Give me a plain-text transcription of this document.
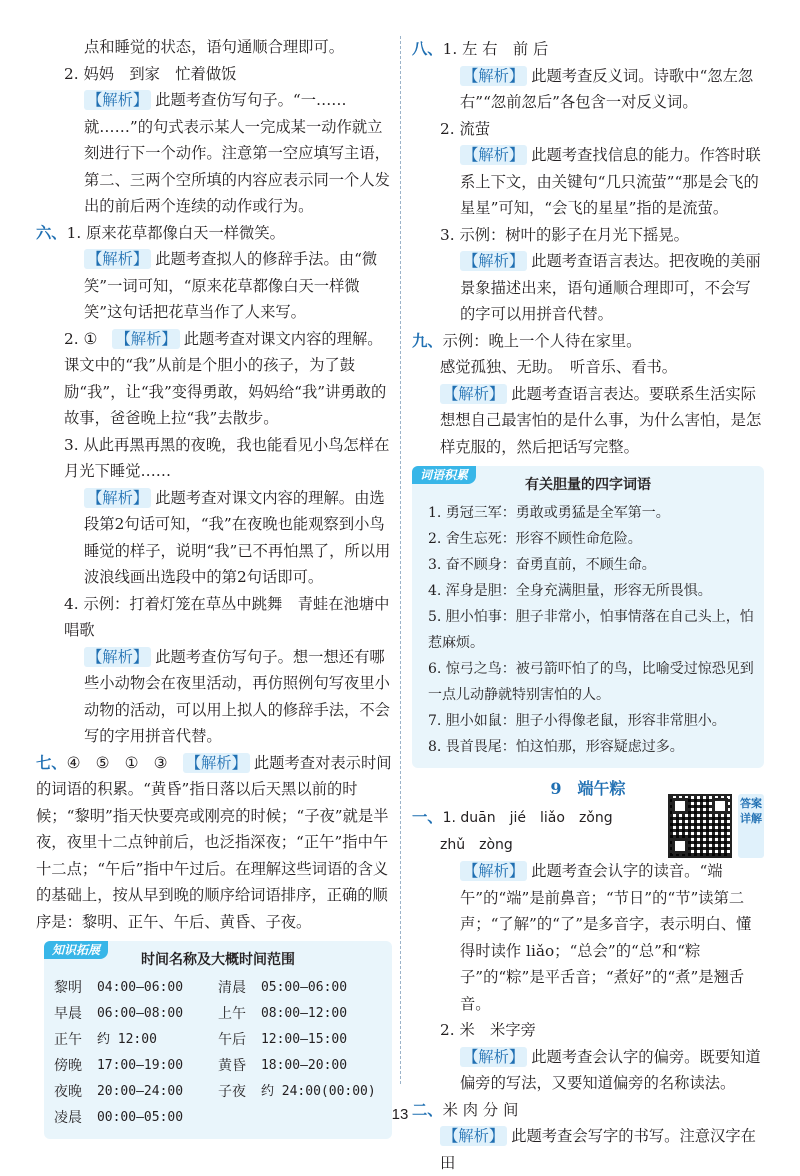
点和睡觉的状态，语句通顺合理即可。

2. 妈妈　到家　忙着做饭

【解析】 此题考查仿写句子。“一……就……”的句式表示某人一完成某一动作就立刻进行下一个动作。注意第一空应填写主语，第二、三两个空所填的内容应表示同一个人发出的前后两个连续的动作或行为。

六、1. 原来花草都像白天一样微笑。

【解析】 此题考查拟人的修辞手法。由“微笑”一词可知，“原来花草都像白天一样微笑”这句话把花草当作了人来写。

2. ①　 【解析】 此题考查对课文内容的理解。课文中的“我”从前是个胆小的孩子，为了鼓励“我”，让“我”变得勇敢，妈妈给“我”讲勇敢的故事，爸爸晚上拉“我”去散步。

3. 从此再黑再黑的夜晚，我也能看见小鸟怎样在月光下睡觉……

【解析】 此题考查对课文内容的理解。由选段第2句话可知，“我”在夜晚也能观察到小鸟睡觉的样子，说明“我”已不再怕黑了，所以用波浪线画出选段中的第2句话即可。

4. 示例：打着灯笼在草丛中跳舞　青蛙在池塘中唱歌

【解析】 此题考查仿写句子。想一想还有哪些小动物会在夜里活动，再仿照例句写夜里小动物的活动，可以用上拟人的修辞手法，不会写的字用拼音代替。

七、④　⑤　①　③　 【解析】 此题考查对表示时间的词语的积累。“黄昏”指日落以后天黑以前的时候；“黎明”指天快要亮或刚亮的时候；“子夜”就是半夜，夜里十二点钟前后，也泛指深夜；“正午”指中午十二点；“午后”指中午过后。在理解这些词语的含义的基础上，按从早到晚的顺序给词语排序，正确的顺序是：黎明、正午、午后、黄昏、子夜。

知识拓展
时间名称及大概时间范围
黎明	04:00—06:00	清晨	05:00—06:00
早晨	06:00—08:00	上午	08:00—12:00
正午	约 12:00	午后	12:00—15:00
傍晚	17:00—19:00	黄昏	18:00—20:00
夜晚	20:00—24:00	子夜	约 24:00(00:00)
凌晨	00:00—05:00

八、1. 左 右　前 后

【解析】 此题考查反义词。诗歌中“忽左忽右”“忽前忽后”各包含一对反义词。

2. 流萤

【解析】 此题考查找信息的能力。作答时联系上下文，由关键句“几只流萤”“那是会飞的星星”可知，“会飞的星星”指的是流萤。

3. 示例：树叶的影子在月光下摇晃。

【解析】 此题考查语言表达。把夜晚的美丽景象描述出来，语句通顺合理即可，不会写的字可以用拼音代替。

九、示例：晚上一个人待在家里。

感觉孤独、无助。　听音乐、看书。

【解析】 此题考查语言表达。要联系生活实际想想自己最害怕的是什么事，为什么害怕，是怎样克服的，然后把话写完整。

词语积累
有关胆量的四字词语
1. 勇冠三军：勇敢或勇猛是全军第一。
2. 舍生忘死：形容不顾性命危险。
3. 奋不顾身：奋勇直前，不顾生命。
4. 浑身是胆：全身充满胆量，形容无所畏惧。
5. 胆小怕事：胆子非常小，怕事情落在自己头上，怕惹麻烦。
6. 惊弓之鸟：被弓箭吓怕了的鸟，比喻受过惊恐见到一点儿动静就特别害怕的人。
7. 胆小如鼠：胆子小得像老鼠，形容非常胆小。
8. 畏首畏尾：怕这怕那，形容疑虑过多。
9　端午粽

一、1. duān　jié　liǎo　zǒng

zhǔ　zòng

【解析】 此题考查会认字的读音。“端午”的“端”是前鼻音；“节日”的“节”读第二声；“了解”的“了”是多音字，表示明白、懂得时读作 liǎo；“总会”的“总”和“粽子”的“粽”是平舌音；“煮好”的“煮”是翘舌音。

2. 米　米字旁

【解析】 此题考查会认字的偏旁。既要知道偏旁的写法，又要知道偏旁的名称读法。

二、米 肉 分 间

【解析】 此题考查会写字的书写。注意汉字在田

答案详解
13
